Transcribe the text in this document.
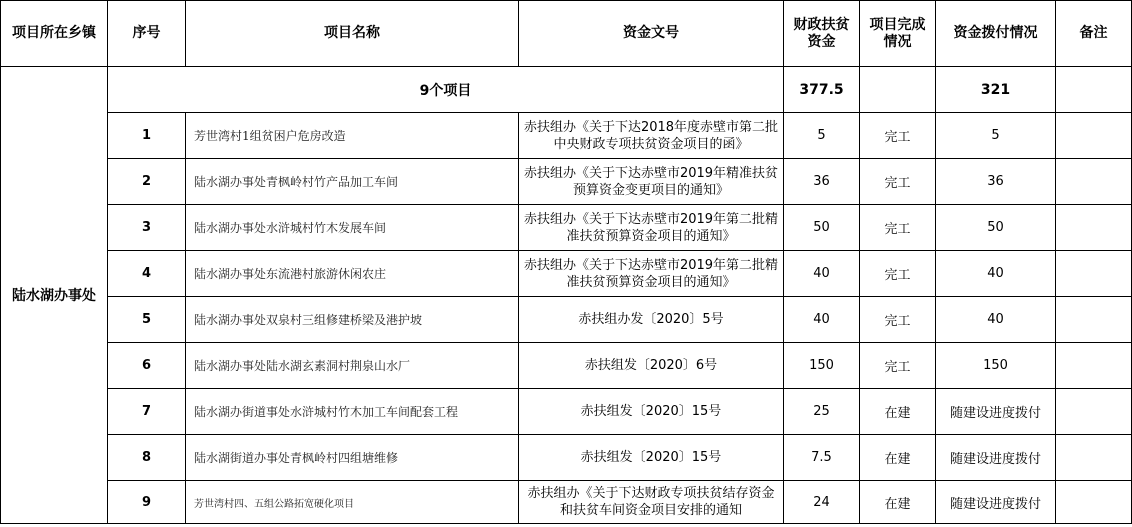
项目所在乡镇	序号	项目名称	资金文号	财政扶贫资金	项目完成情况	资金拨付情况	备注
陆水湖办事处	9个项目			377.5		321	
	1	芳世湾村1组贫困户危房改造	赤扶组办《关于下达2018年度赤壁市第二批中央财政专项扶贫资金项目的函》	5	完工	5	
	2	陆水湖办事处青枫岭村竹产品加工车间	赤扶组办《关于下达赤壁市2019年精准扶贫预算资金变更项目的通知》	36	完工	36	
	3	陆水湖办事处水浒城村竹木发展车间	赤扶组办《关于下达赤壁市2019年第二批精准扶贫预算资金项目的通知》	50	完工	50	
	4	陆水湖办事处东流港村旅游休闲农庄	赤扶组办《关于下达赤壁市2019年第二批精准扶贫预算资金项目的通知》	40	完工	40	
	5	陆水湖办事处双泉村三组修建桥梁及港护坡	赤扶组办发〔2020〕5号	40	完工	40	
	6	陆水湖办事处陆水湖玄素洞村荆泉山水厂	赤扶组发〔2020〕6号	150	完工	150	
	7	陆水湖办街道事处水浒城村竹木加工车间配套工程	赤扶组发〔2020〕15号	25	在建	随建设进度拨付	
	8	陆水湖街道办事处青枫岭村四组塘维修	赤扶组发〔2020〕15号	7.5	在建	随建设进度拨付	
	9	芳世湾村四、五组公路拓宽硬化项目	赤扶组办《关于下达财政专项扶贫结存资金和扶贫车间资金项目安排的通知	24	在建	随建设进度拨付	
